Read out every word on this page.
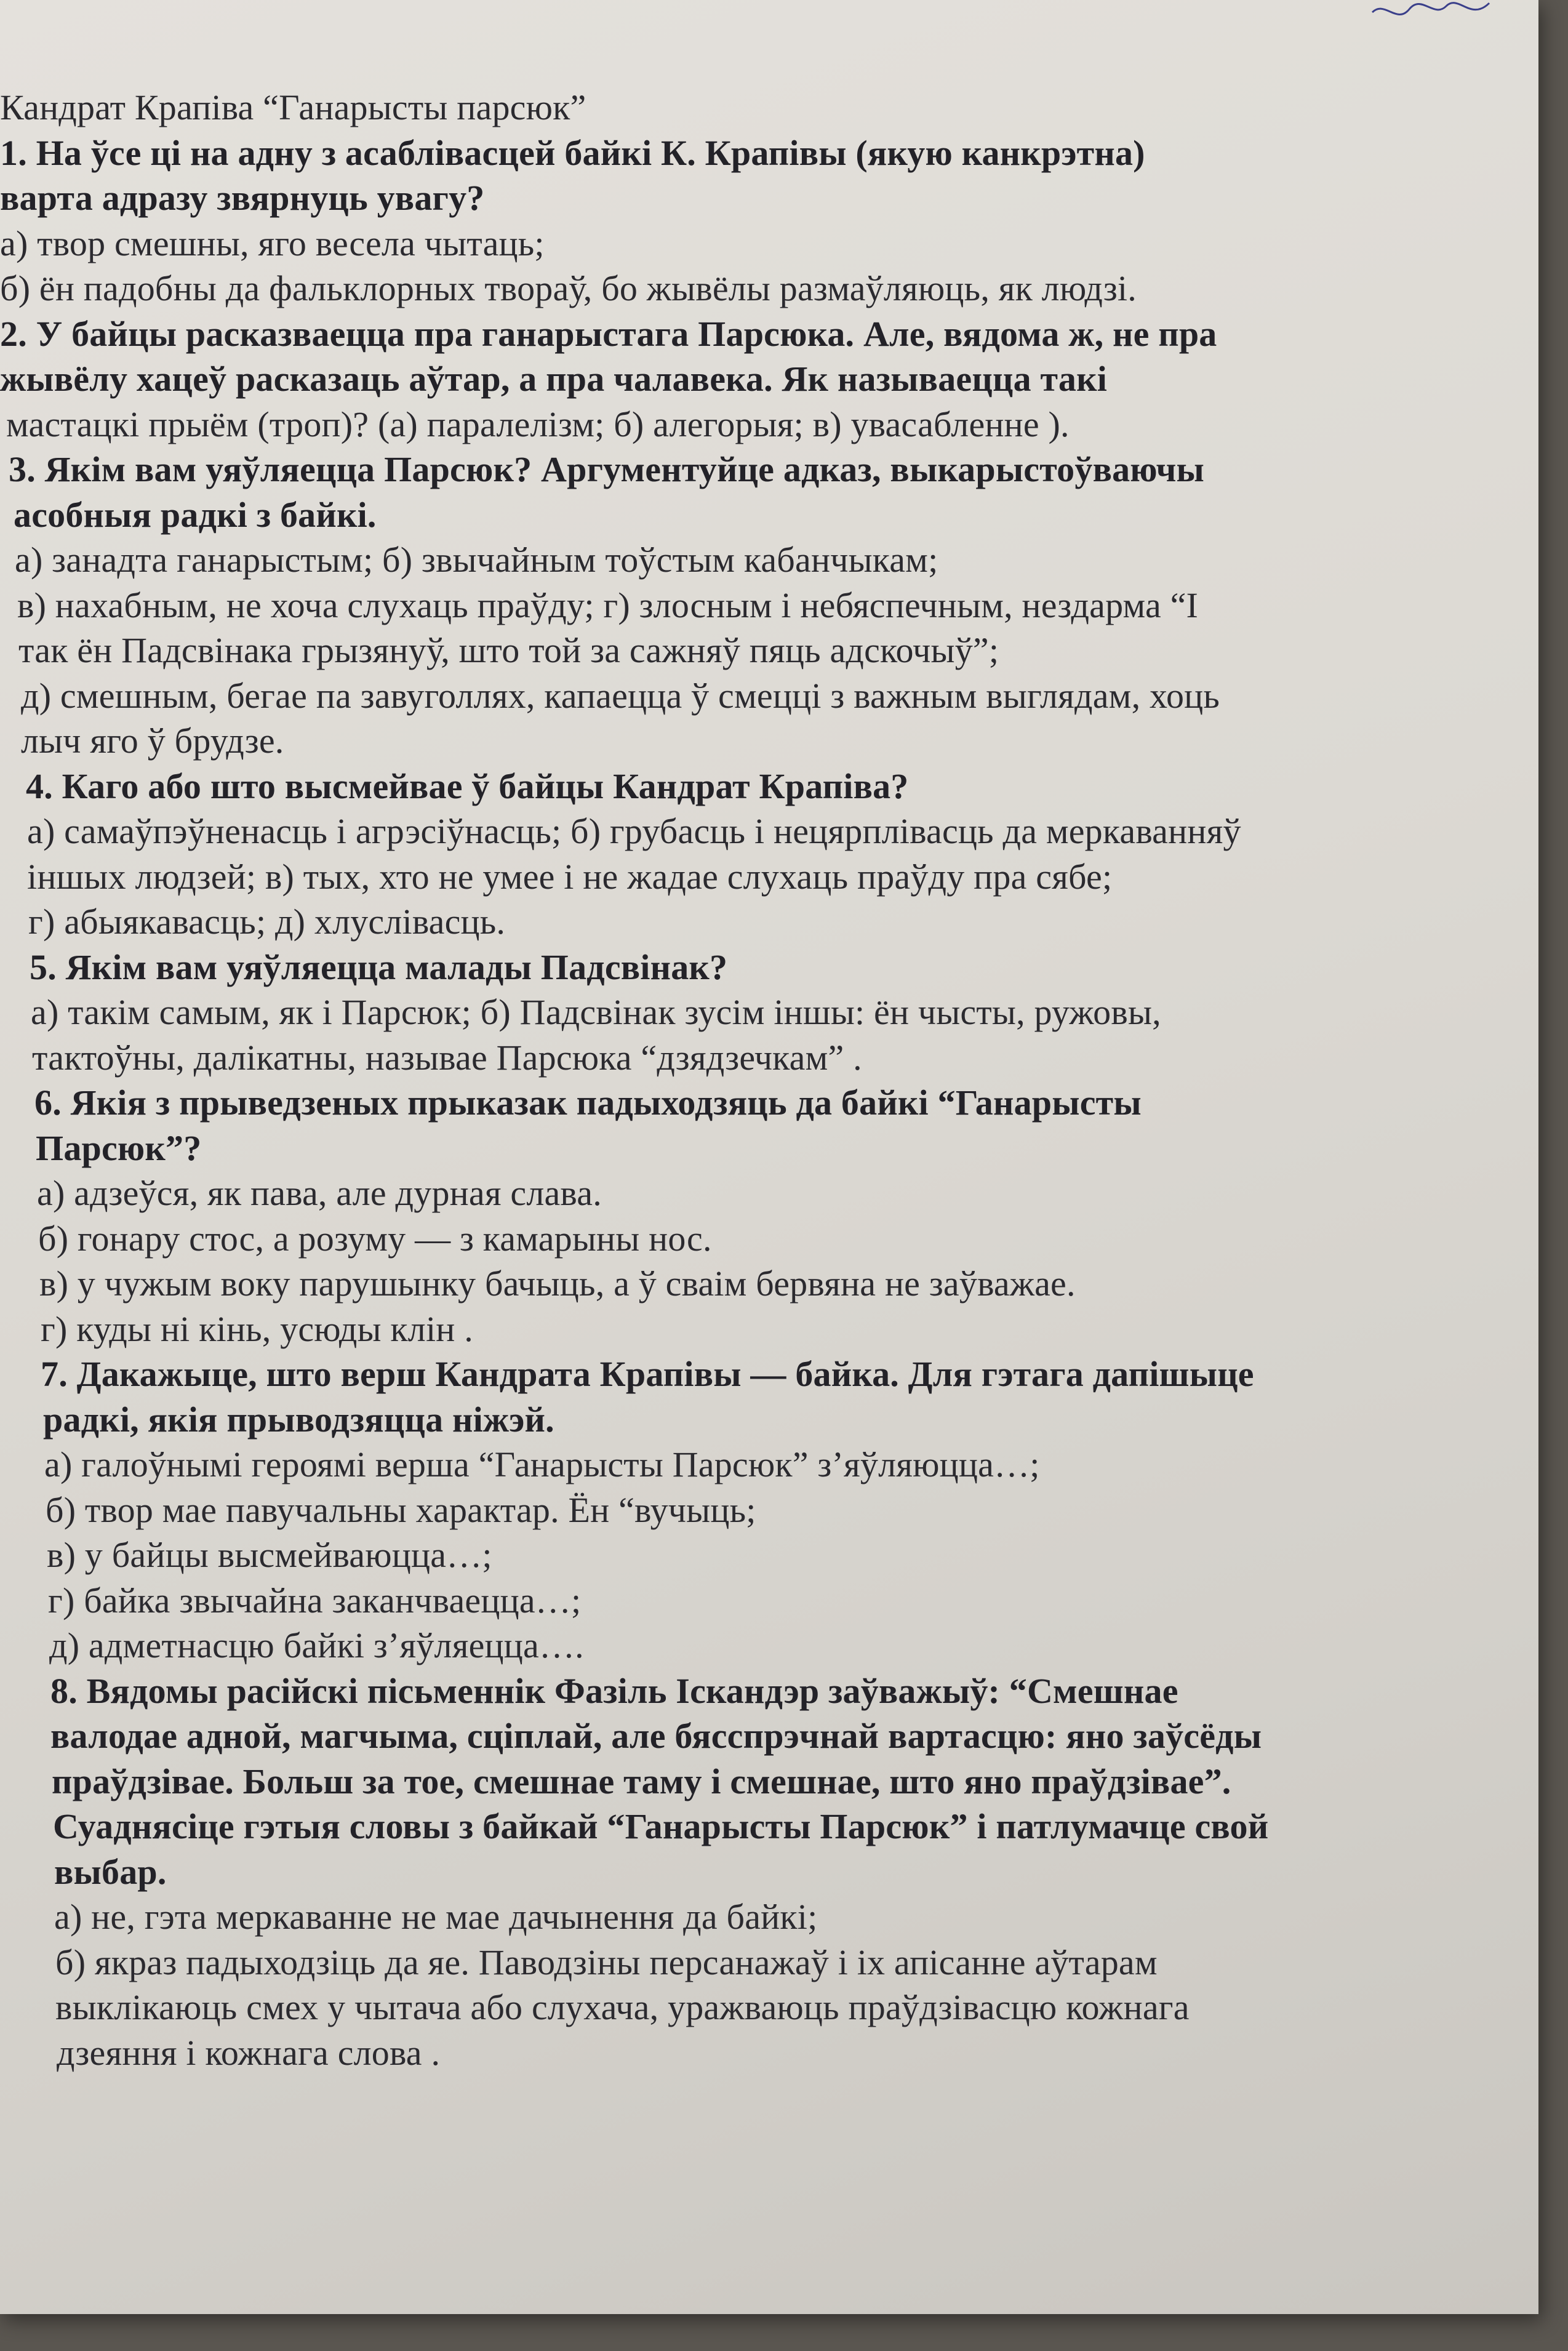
Кандрат Крапіва “Ганарысты парсюк”
1. На ўсе ці на адну з асаблівасцей байкі К. Крапівы (якую канкрэтна)
варта адразу звярнуць увагу?
а) твор смешны, яго весела чытаць;
б) ён падобны да фальклорных твораў, бо жывёлы размаўляюць, як людзі.
2. У байцы расказваецца пра ганарыстага Парсюка. Але, вядома ж, не пра
жывёлу хацеў расказаць аўтар, а пра чалавека. Як называецца такі
мастацкі прыём (троп)? (а) паралелізм; б) алегорыя; в) увасабленне ).
3. Якім вам уяўляецца Парсюк? Аргументуйце адказ, выкарыстоўваючы
асобныя радкі з байкі.
а) занадта ганарыстым; б) звычайным тоўстым кабанчыкам;
в) нахабным, не хоча слухаць праўду; г) злосным і небяспечным, нездарма “І
так ён Падсвінака грызянуў, што той за сажняў пяць адскочыў”;
д) смешным, бегае па завуголлях, капаецца ў смецці з важным выглядам, хоць
лыч яго ў брудзе.
4. Каго або што высмейвае ў байцы Кандрат Крапіва?
а) самаўпэўненасць і агрэсіўнасць; б) грубасць і нецярплівасць да меркаванняў
іншых людзей; в) тых, хто не умее і не жадае слухаць праўду пра сябе;
г) абыякавасць; д) хлуслівасць.
5. Якім вам уяўляецца малады Падсвінак?
а) такім самым, як і Парсюк; б) Падсвінак зусім іншы: ён чысты, ружовы,
тактоўны, далікатны, называе Парсюка “дзядзечкам” .
6. Якія з прыведзеных прыказак падыходзяць да байкі “Ганарысты
Парсюк”?
а) адзеўся, як пава, але дурная слава.
б) гонару стос, а розуму — з камарыны нос.
в) у чужым воку парушынку бачыць, а ў сваім бервяна не заўважае.
г) куды ні кінь, усюды клін .
7. Дакажыце, што верш Кандрата Крапівы — байка. Для гэтага дапішыце
радкі, якія прыводзяцца ніжэй.
а) галоўнымі героямі верша “Ганарысты Парсюк” з’яўляюцца…;
б) твор мае павучальны характар. Ён “вучыць;
в) у байцы высмейваюцца…;
г) байка звычайна заканчваецца…;
д) адметнасцю байкі з’яўляецца….
8. Вядомы расійскі пісьменнік Фазіль Іскандэр заўважыў: “Смешнае
валодае адной, магчыма, сціплай, але бясспрэчнай вартасцю: яно заўсёды
праўдзівае. Больш за тое, смешнае таму і смешнае, што яно праўдзівае”.
Суаднясіце гэтыя словы з байкай “Ганарысты Парсюк” і патлумачце свой
выбар.
а) не, гэта меркаванне не мае дачынення да байкі;
б) якраз падыходзіць да яе. Паводзіны персанажаў і іх апісанне аўтарам
выклікаюць смех у чытача або слухача, уражваюць праўдзівасцю кожнага
дзеяння і кожнага слова .
